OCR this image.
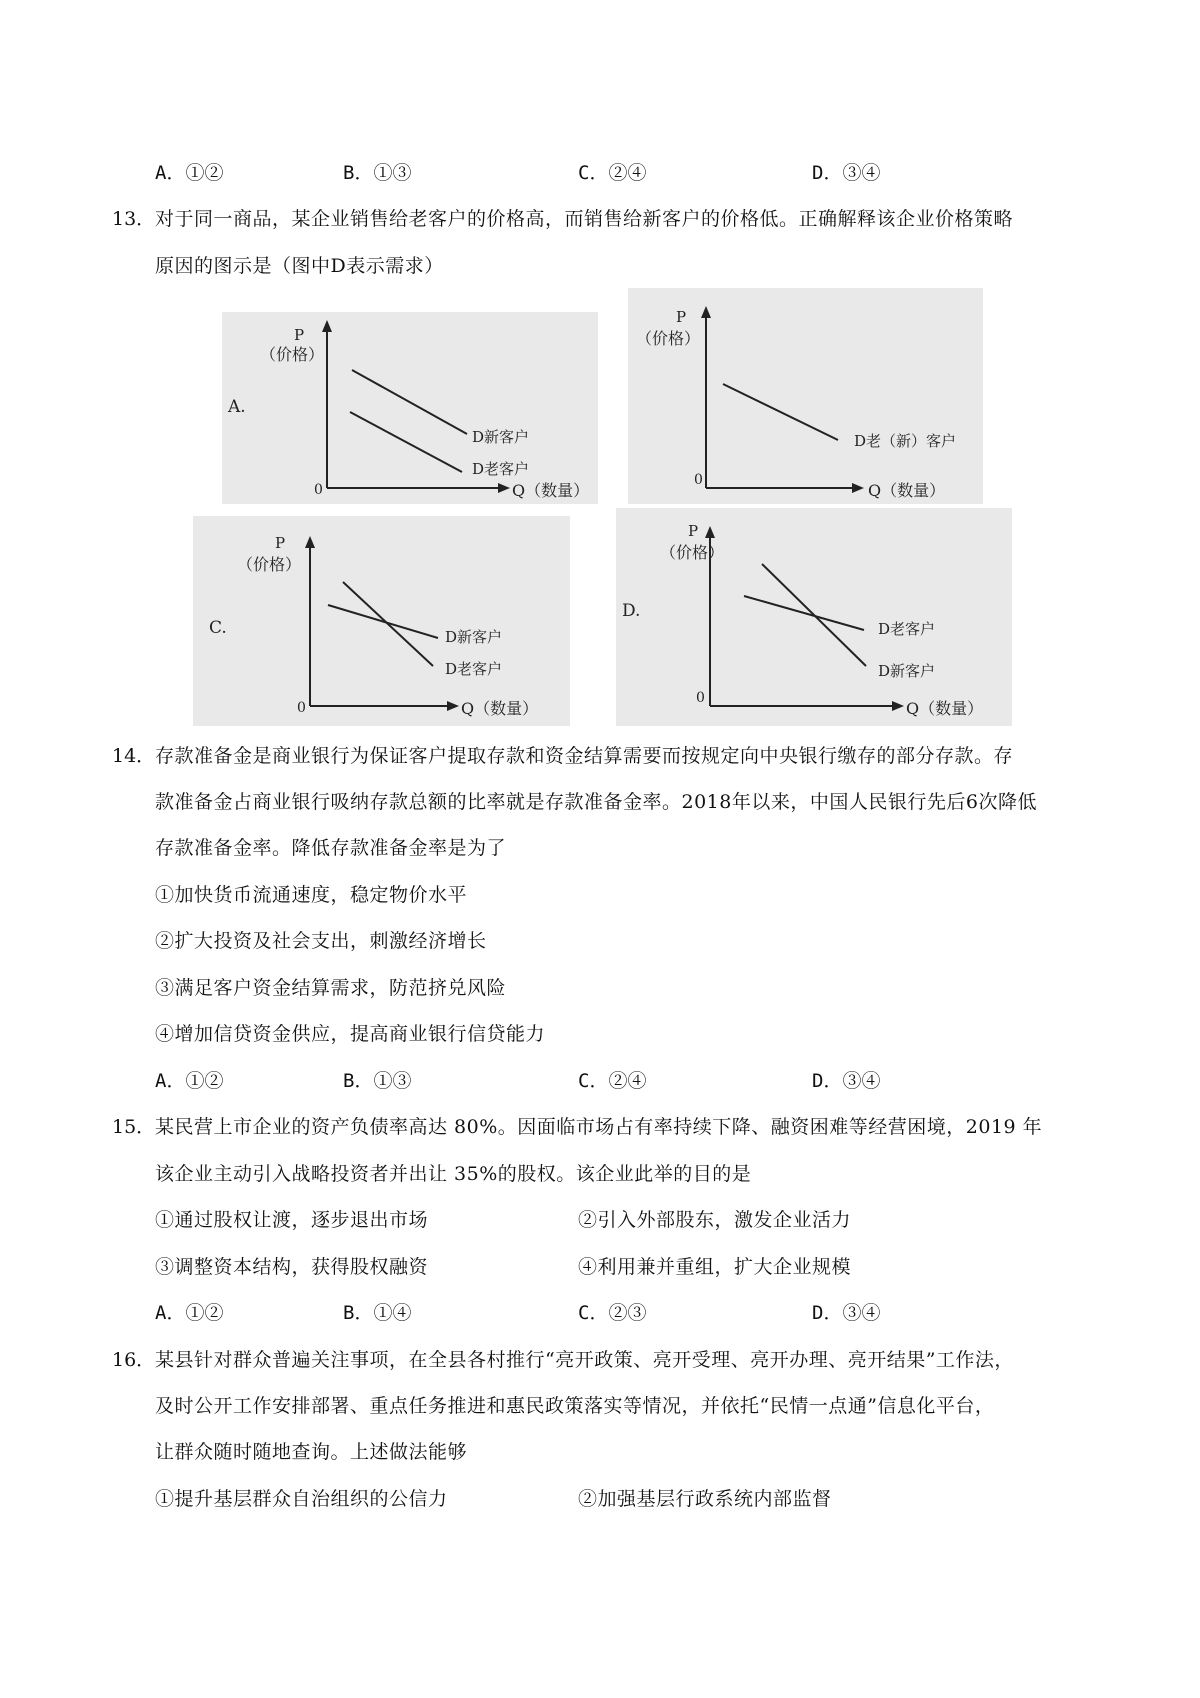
A．①②	B．①③	C．②④	D．③④
13． 对于同一商品，某企业销售给老客户的价格高，而销售给新客户的价格低。正确解释该企业价格策略
原因的图示是（图中D表示需求）
P
（价格）
A.
0	Q（数量）
D新客户
D老客户
P
（价格）
0
Q（数量）
D老（新）客户
P
（价格）
C.
0	Q（数量）
D新客户
D老客户
P
（价格）
D.
0
Q（数量）
D老客户
D新客户
14． 存款准备金是商业银行为保证客户提取存款和资金结算需要而按规定向中央银行缴存的部分存款。存
款准备金占商业银行吸纳存款总额的比率就是存款准备金率。2018年以来，中国人民银行先后6次降低
存款准备金率。降低存款准备金率是为了
①加快货币流通速度，稳定物价水平
②扩大投资及社会支出，刺激经济增长
③满足客户资金结算需求，防范挤兑风险
④增加信贷资金供应，提高商业银行信贷能力
A．①②	B．①③	C．②④	D．③④
15． 某民营上市企业的资产负债率高达 80%。因面临市场占有率持续下降、融资困难等经营困境，2019 年
该企业主动引入战略投资者并出让 35%的股权。该企业此举的目的是
①通过股权让渡，逐步退出市场	②引入外部股东，激发企业活力
③调整资本结构，获得股权融资	④利用兼并重组，扩大企业规模
A．①②	B．①④	C．②③	D．③④
16． 某县针对群众普遍关注事项，在全县各村推行“亮开政策、亮开受理、亮开办理、亮开结果”工作法，
及时公开工作安排部署、重点任务推进和惠民政策落实等情况，并依托“民情一点通”信息化平台，
让群众随时随地查询。上述做法能够
①提升基层群众自治组织的公信力	②加强基层行政系统内部监督
